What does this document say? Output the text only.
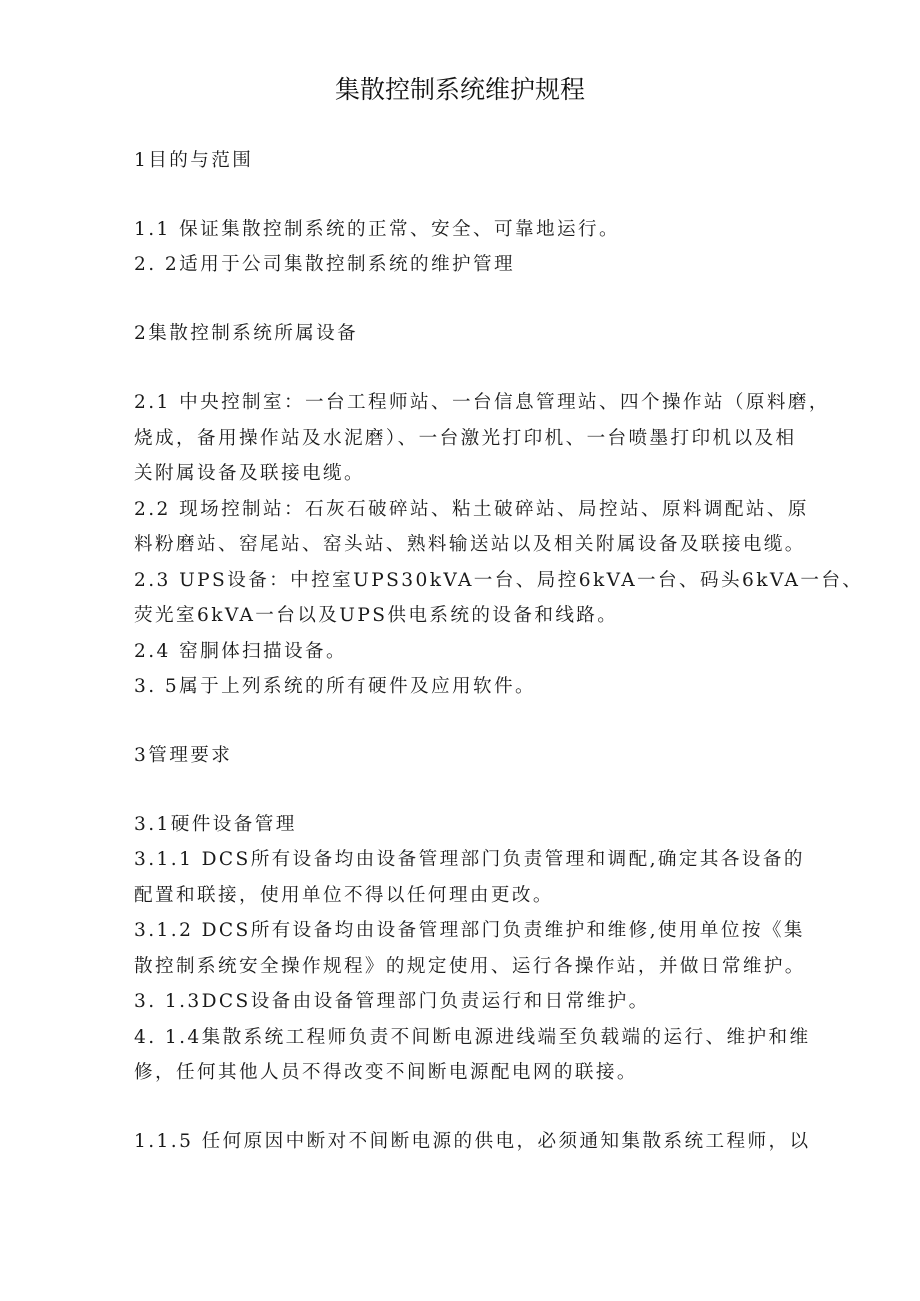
集散控制系统维护规程
1目的与范围
1.1 保证集散控制系统的正常、安全、可靠地运行。
2. 2适用于公司集散控制系统的维护管理
2集散控制系统所属设备
2.1 中央控制室：一台工程师站、一台信息管理站、四个操作站（原料磨，
烧成，备用操作站及水泥磨）、一台激光打印机、一台喷墨打印机以及相
关附属设备及联接电缆。
2.2 现场控制站：石灰石破碎站、粘土破碎站、局控站、原料调配站、原
料粉磨站、窑尾站、窑头站、熟料输送站以及相关附属设备及联接电缆。
2.3 UPS设备：中控室UPS30kVA一台、局控6kVA一台、码头6kVA一台、
荧光室6kVA一台以及UPS供电系统的设备和线路。
2.4 窑胴体扫描设备。
3. 5属于上列系统的所有硬件及应用软件。
3管理要求
3.1硬件设备管理
3.1.1 DCS所有设备均由设备管理部门负责管理和调配,确定其各设备的
配置和联接，使用单位不得以任何理由更改。
3.1.2 DCS所有设备均由设备管理部门负责维护和维修,使用单位按《集
散控制系统安全操作规程》的规定使用、运行各操作站，并做日常维护。
3. 1.3DCS设备由设备管理部门负责运行和日常维护。
4. 1.4集散系统工程师负责不间断电源进线端至负载端的运行、维护和维
修，任何其他人员不得改变不间断电源配电网的联接。
1.1.5 任何原因中断对不间断电源的供电，必须通知集散系统工程师，以
